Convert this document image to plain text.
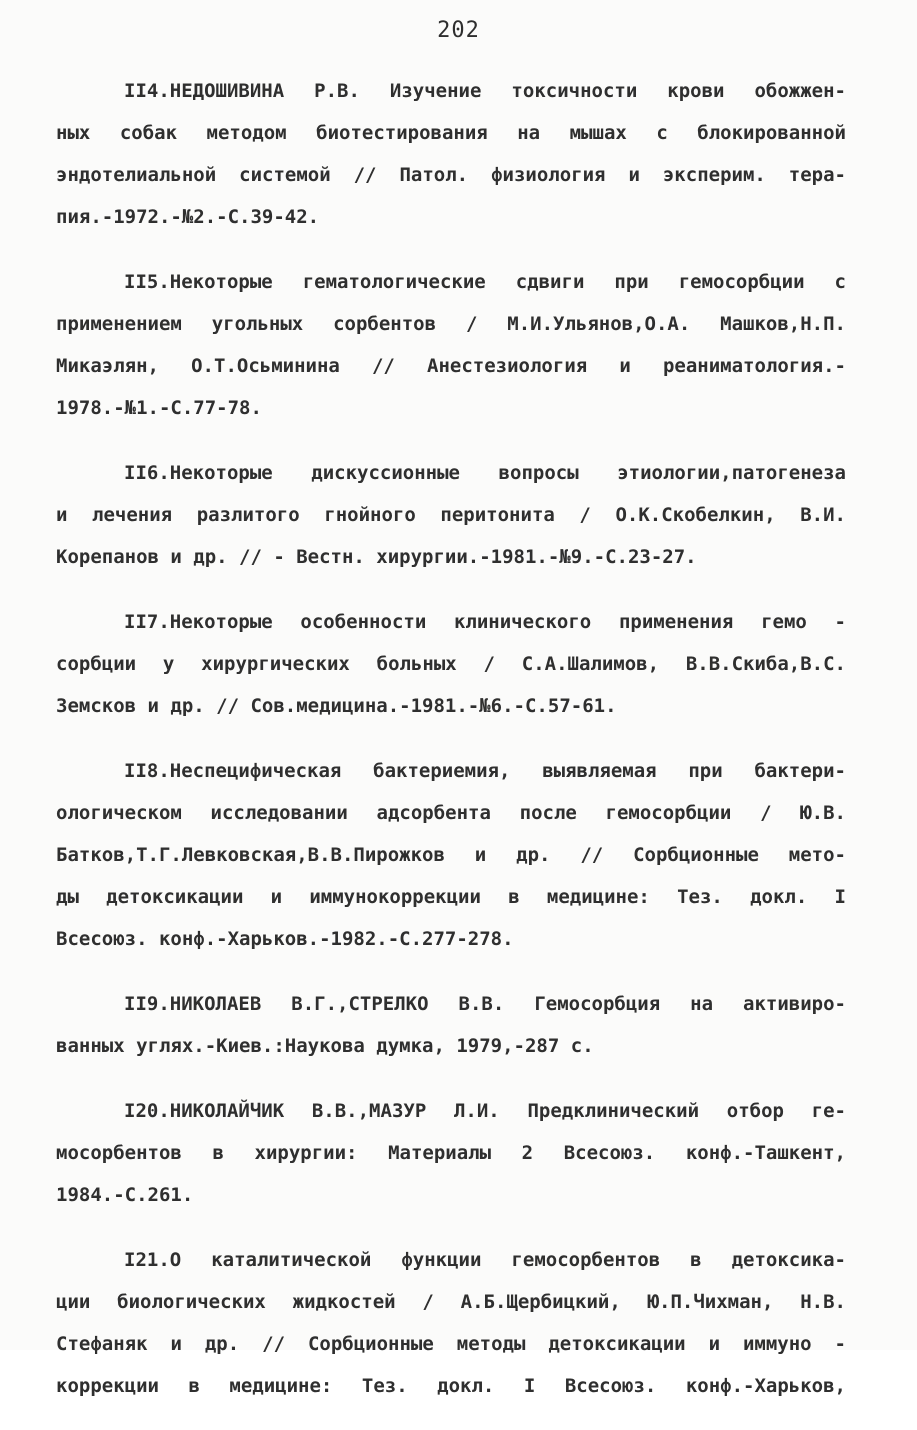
202
II4.НЕДОШИВИНА Р.В. Изучение токсичности крови обожжен-
ных собак методом биотестирования на мышах с блокированной
эндотелиальной системой // Патол. физиология и эксперим. тера-
пия.-1972.-№2.-С.39-42.
II5.Некоторые гематологические сдвиги при гемосорбции с
применением угольных сорбентов / М.И.Ульянов,О.А. Машков,Н.П.
Микаэлян, О.Т.Осьминина // Анестезиология и реаниматология.-
1978.-№1.-С.77-78.
II6.Некоторые дискуссионные вопросы этиологии,патогенеза
и лечения разлитого гнойного перитонита / О.К.Скобелкин, В.И.
Корепанов и др. // - Вестн. хирургии.-1981.-№9.-С.23-27.
II7.Некоторые особенности клинического применения гемо -
сорбции у хирургических больных / С.А.Шалимов, В.В.Скиба,В.С.
Земсков и др. // Сов.медицина.-1981.-№6.-С.57-61.
II8.Неспецифическая бактериемия, выявляемая при бактери-
ологическом исследовании адсорбента после гемосорбции / Ю.В.
Батков,Т.Г.Левковская,В.В.Пирожков и др. // Сорбционные мето-
ды детоксикации и иммунокоррекции в медицине: Тез. докл. I
Всесоюз. конф.-Харьков.-1982.-С.277-278.
II9.НИКОЛАЕВ В.Г.,СТРЕЛКО В.В. Гемосорбция на активиро-
ванных углях.-Киев.:Наукова думка, 1979,-287 с.
I20.НИКОЛАЙЧИК В.В.,МАЗУР Л.И. Предклинический отбор ге-
мосорбентов в хирургии: Материалы 2 Всесоюз. конф.-Ташкент,
1984.-С.261.
I21.О каталитической функции гемосорбентов в детоксика-
ции биологических жидкостей / А.Б.Щербицкий, Ю.П.Чихман, Н.В.
Стефаняк и др. // Сорбционные методы детоксикации и иммуно -
коррекции в медицине: Тез. докл. I Всесоюз. конф.-Харьков,
